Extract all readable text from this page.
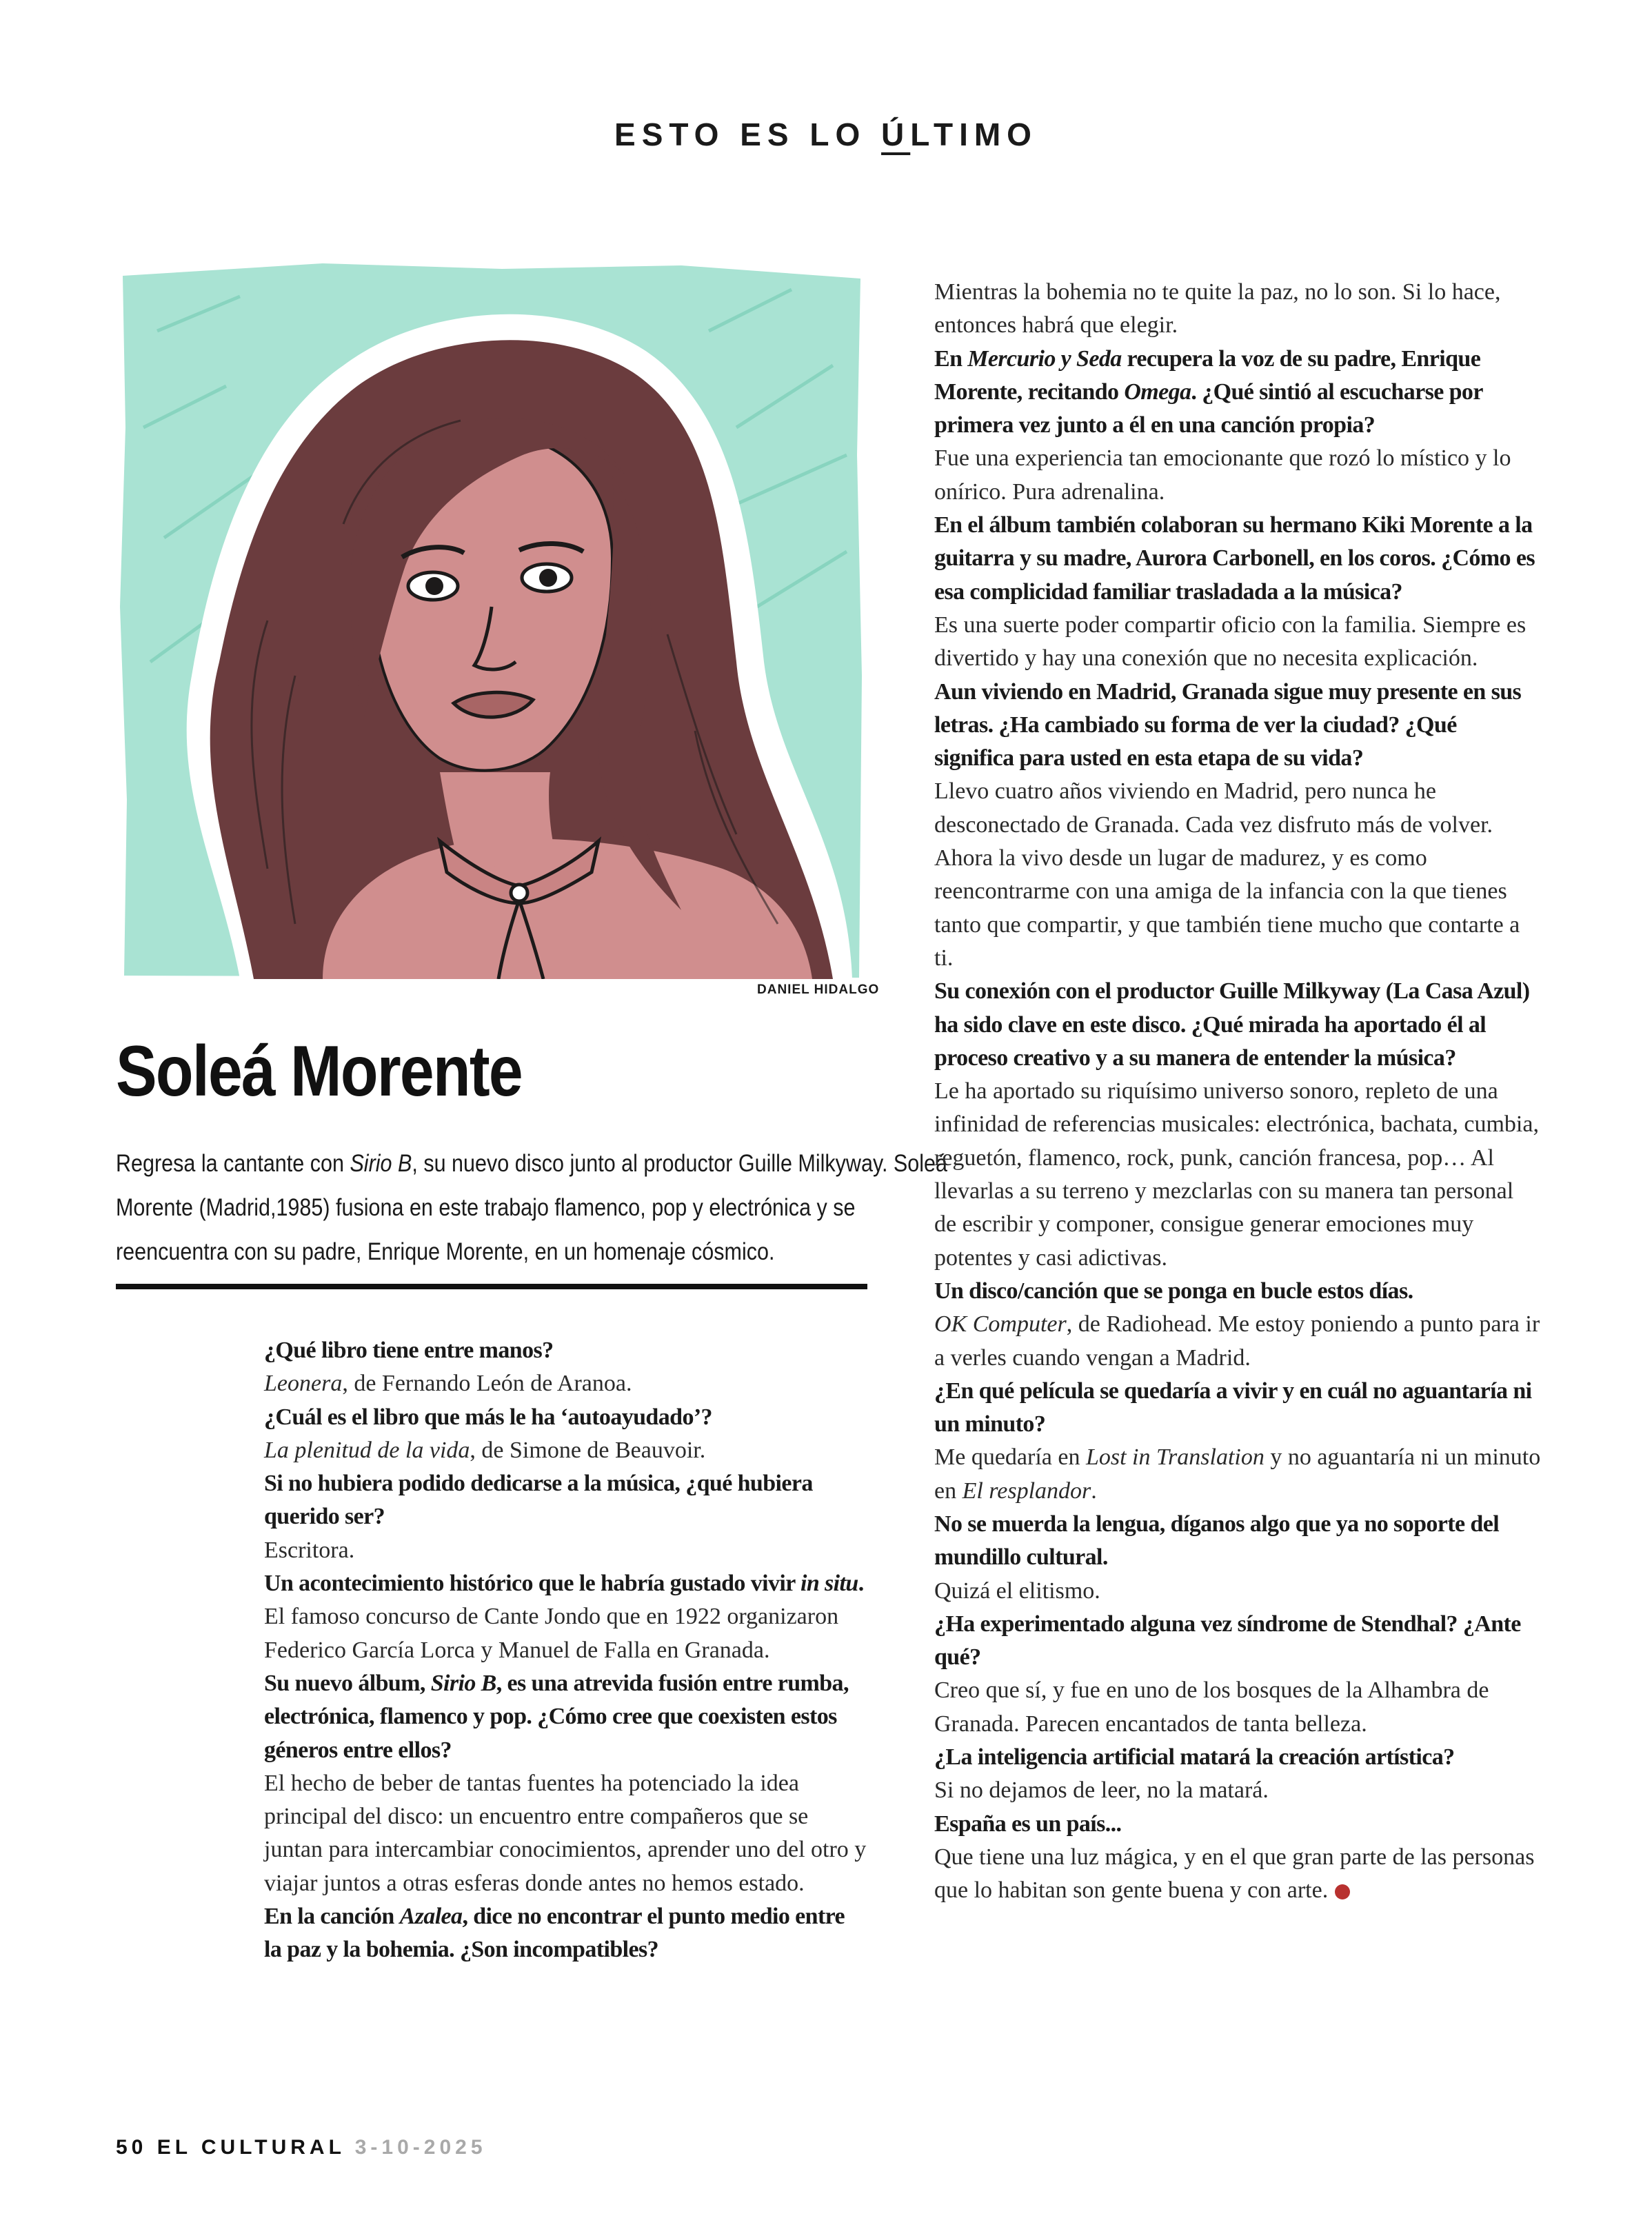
ESTO ES LO ÚLTIMO
DANIEL HIDALGO
Soleá Morente

Regresa la cantante con Sirio B, su nuevo disco junto al productor Guille Milkyway. Soleá Morente (Madrid,1985) fusiona en este trabajo flamenco, pop y electrónica y se reencuentra con su padre, Enrique Morente, en un homenaje cósmico.

¿Qué libro tiene entre manos?

Leonera, de Fernando León de Aranoa.

¿Cuál es el libro que más le ha ‘autoayudado’?

La plenitud de la vida, de Simone de Beauvoir.

Si no hubiera podido dedicarse a la música, ¿qué hubiera querido ser?

Escritora.

Un acontecimiento histórico que le habría gustado vivir in situ.

El famoso concurso de Cante Jondo que en 1922 organizaron Federico García Lorca y Manuel de Falla en Granada.

Su nuevo álbum, Sirio B, es una atrevida fusión entre rumba, electrónica, flamenco y pop. ¿Cómo cree que coexisten estos géneros entre ellos?

El hecho de beber de tantas fuentes ha potenciado la idea principal del disco: un encuentro entre compañeros que se juntan para intercambiar conocimientos, aprender uno del otro y viajar juntos a otras esferas donde antes no hemos estado.

En la canción Azalea, dice no encontrar el punto medio entre la paz y la bohemia. ¿Son incompatibles?

Mientras la bohemia no te quite la paz, no lo son. Si lo hace, entonces habrá que elegir.

En Mercurio y Seda recupera la voz de su padre, Enrique Morente, recitando Omega. ¿Qué sintió al escucharse por primera vez junto a él en una canción propia?

Fue una experiencia tan emocionante que rozó lo místico y lo onírico. Pura adrenalina.

En el álbum también colaboran su hermano Kiki Morente a la guitarra y su madre, Aurora Carbonell, en los coros. ¿Cómo es esa complicidad familiar trasladada a la música?

Es una suerte poder compartir oficio con la familia. Siempre es divertido y hay una conexión que no necesita explicación.

Aun viviendo en Madrid, Granada sigue muy presente en sus letras. ¿Ha cambiado su forma de ver la ciudad? ¿Qué significa para usted en esta etapa de su vida?

Llevo cuatro años viviendo en Madrid, pero nunca he desconectado de Granada. Cada vez disfruto más de volver. Ahora la vivo desde un lugar de madurez, y es como reencontrarme con una amiga de la infancia con la que tienes tanto que compartir, y que también tiene mucho que contarte a ti.

Su conexión con el productor Guille Milkyway (La Casa Azul) ha sido clave en este disco. ¿Qué mirada ha aportado él al proceso creativo y a su manera de entender la música?

Le ha aportado su riquísimo universo sonoro, repleto de una infinidad de referencias musicales: electrónica, bachata, cumbia, reguetón, flamenco, rock, punk, canción francesa, pop… Al llevarlas a su terreno y mezclarlas con su manera tan personal de escribir y componer, consigue generar emociones muy potentes y casi adictivas.

Un disco/canción que se ponga en bucle estos días.

OK Computer, de Radiohead. Me estoy poniendo a punto para ir a verles cuando vengan a Madrid.

¿En qué película se quedaría a vivir y en cuál no aguantaría ni un minuto?

Me quedaría en Lost in Translation y no aguantaría ni un minuto en El resplandor.

No se muerda la lengua, díganos algo que ya no soporte del mundillo cultural.

Quizá el elitismo.

¿Ha experimentado alguna vez síndrome de Stendhal? ¿Ante qué?

Creo que sí, y fue en uno de los bosques de la Alhambra de Granada. Parecen encantados de tanta belleza.

¿La inteligencia artificial matará la creación artística?

Si no dejamos de leer, no la matará.

España es un país...

Que tiene una luz mágica, y en el que gran parte de las personas que lo habitan son gente buena y con arte.

50 EL CULTURAL 3-10-2025
